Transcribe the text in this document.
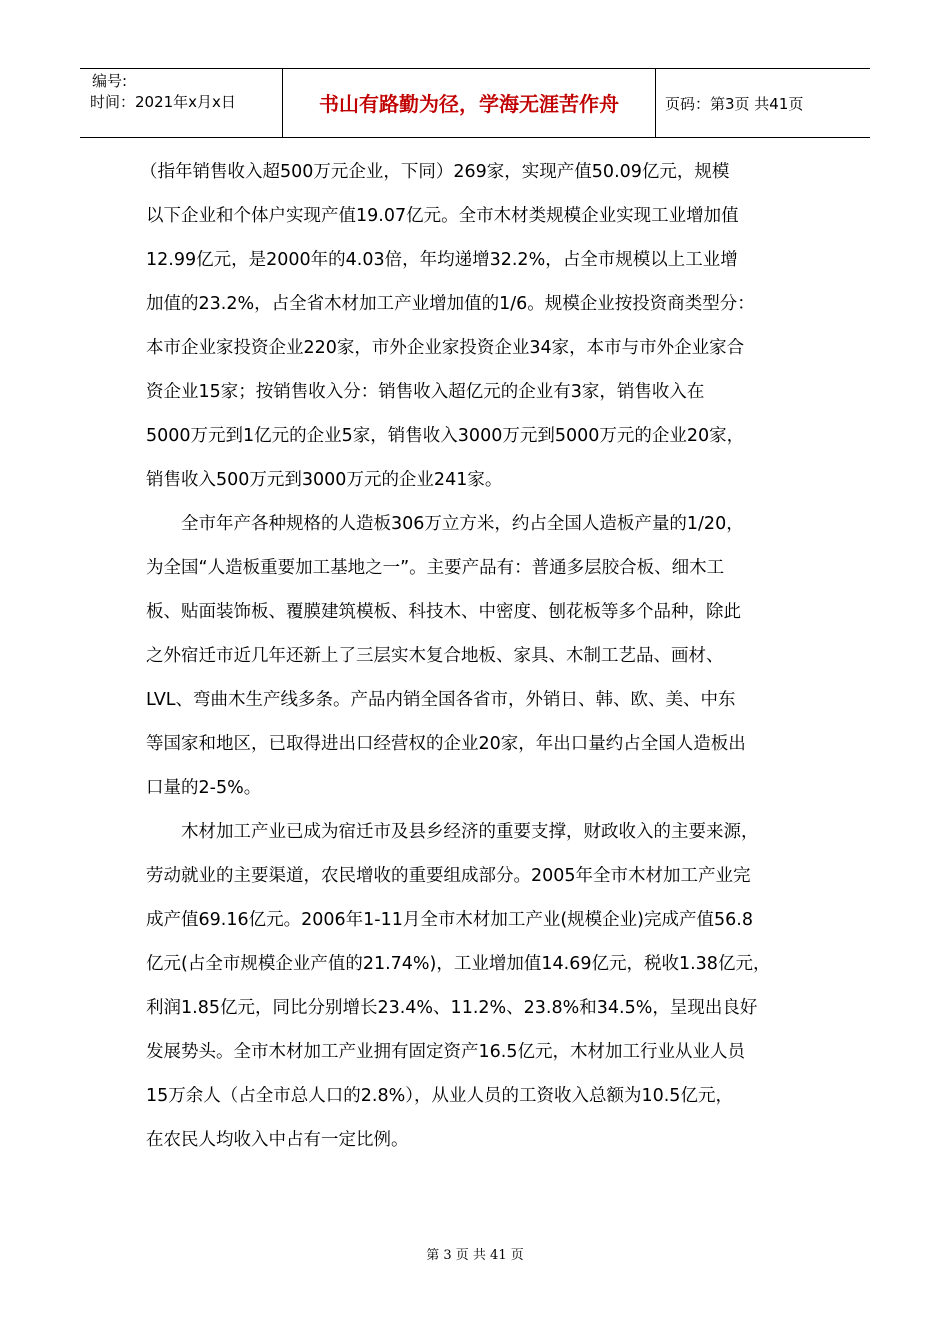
编号:
时间：2021年x月x日	书山有路勤为径，学海无涯苦作舟	页码：第3页 共41页

（指年销售收入超500万元企业，下同）269家，实现产值50.09亿元，规模

以下企业和个体户实现产值19.07亿元。全市木材类规模企业实现工业增加值

12.99亿元，是2000年的4.03倍，年均递增32.2%，占全市规模以上工业增

加值的23.2%，占全省木材加工产业增加值的1/6。规模企业按投资商类型分：

本市企业家投资企业220家，市外企业家投资企业34家，本市与市外企业家合

资企业15家；按销售收入分：销售收入超亿元的企业有3家，销售收入在

5000万元到1亿元的企业5家，销售收入3000万元到5000万元的企业20家，

销售收入500万元到3000万元的企业241家。

全市年产各种规格的人造板306万立方米，约占全国人造板产量的1/20，

为全国“人造板重要加工基地之一”。主要产品有：普通多层胶合板、细木工

板、贴面装饰板、覆膜建筑模板、科技木、中密度、刨花板等多个品种，除此

之外宿迁市近几年还新上了三层实木复合地板、家具、木制工艺品、画材、

LVL、弯曲木生产线多条。产品内销全国各省市，外销日、韩、欧、美、中东

等国家和地区，已取得进出口经营权的企业20家，年出口量约占全国人造板出

口量的2-5%。

木材加工产业已成为宿迁市及县乡经济的重要支撑，财政收入的主要来源，

劳动就业的主要渠道，农民增收的重要组成部分。2005年全市木材加工产业完

成产值69.16亿元。2006年1-11月全市木材加工产业(规模企业)完成产值56.8

亿元(占全市规模企业产值的21.74%)，工业增加值14.69亿元，税收1.38亿元，

利润1.85亿元，同比分别增长23.4%、11.2%、23.8%和34.5%，呈现出良好

发展势头。全市木材加工产业拥有固定资产16.5亿元，木材加工行业从业人员

15万余人（占全市总人口的2.8%），从业人员的工资收入总额为10.5亿元，

在农民人均收入中占有一定比例。

第 3 页 共 41 页
